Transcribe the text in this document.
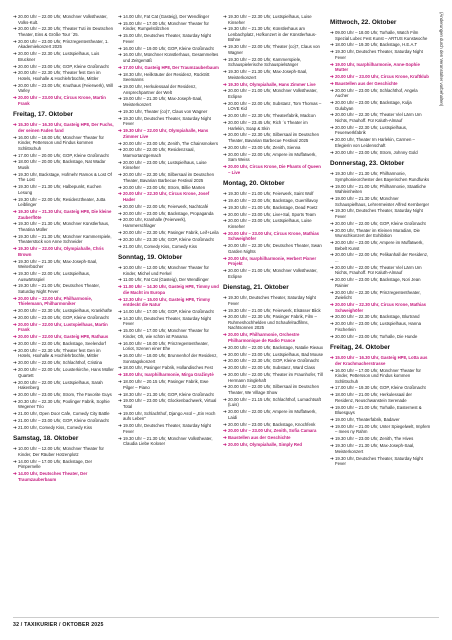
➔ 20.00 Uhr – 22.00 Uhr, Münchner Volkstheater, Volks-Kult.
➔ 20.00 Uhr – 22.30 Uhr, Theater Tuti im Deutschen Theater, Eins & Größe Tour ´25.
➔ 20.00 Uhr – 23.00 Uhr, Prinzregententheater, 1. Akademiekonzert 2025
➔ 20.00 Uhr – 22.30 Uhr, Lustspielhaus, Luis Bruckner
➔ 20.00 Uhr – 23.00 Uhr, GOP, Kleine Großmacht
➔ 20.00 Uhr – 22.30 Uhr, Theater fest Gen im Hotels, Hoxhalle & Hochlehrbüchle, Mittler
➔ 20.00 Uhr – 23.00 Uhr, Knuthaus (Feierwerk), Will Varley
➔ 20.00 Uhr – 23.00 Uhr, Circus Krone, Martin Frank
Freitag, 17. Oktober
➔ 15.30 Uhr – 16.30 Uhr, Gasteig HP8, Der Fuchs, der seinen Faden fand
➔ 16.00 Uhr – 18.00 Uhr, Münchner Theater für Kinder, Pettersson und Findus kommen Schlittschuh
➔ 17.00 Uhr – 20.00 Uhr, GOP, Kleine Großmacht
➔ 18.00 Uhr – 20.00 Uhr, Backstage, Nat Wadar Musik
➔ 19.30 Uhr, Backstage, Hofmehr Ramos & Lost Of The Lost
➔ 19.30 Uhr – 21.30 Uhr, Halbepunkt, Kuchen Lesung
➔ 19.30 Uhr – 22.00 Uhr, Residenztheater, Jutta Leiblinger
➔ 19.30 Uhr – 21.30 Uhr, Gasteig HP8, Die kleine Zauberflöte
➔ 19.30 Uhr – 21.30 Uhr, Münchner Künstlerhaus, Theatina Müller
➔ 19.30 Uhr – 21.30 Uhr, Münchner Kammerspiele, Theaterstück von Anne Schneider
➔ 19.30 Uhr – 22.00 Uhr, Olympiahalle, Chris Brown
➔ 19.30 Uhr – 21.30 Uhr, Max-Joseph-Saal, Weiterbücher
➔ 19.30 Uhr – 22.00 Uhr, Lustspielhaus, Auswärtsspiel
➔ 19.30 Uhr – 21.00 Uhr, Deutsches Theater, Saturday Night Fever
➔ 20.00 Uhr – 22.00 Uhr, Philharmonie, Thielemann, Philharmoniker
➔ 20.00 Uhr – 22.30 Uhr, Lustspielhaus, Krankhafte
➔ 20.00 Uhr – 23.00 Uhr, GOP, Kleine Großmacht
➔ 20.00 Uhr – 22.00 Uhr, Lustspielhaus, Martin Frank
➔ 20.00 Uhr – 22.00 Uhr, Gasteig HP8, Rathaus
➔ 20.00 Uhr – 22.00 Uhr, Backstage, Seelendorf
➔ 20.00 Uhr – 22.30 Uhr, Theater fest Gen im Hotels, Hoxhalle & Hochlehrbüchle, Mittler
➔ 20.00 Uhr – 22.00 Uhr, Schlachthof, Cristina
➔ 20.00 Uhr – 22.00 Uhr, Lousterkirche, Hans Müller Quartett
➔ 20.00 Uhr – 22.00 Uhr, Lustspielhaus, Sarah Hakenberg
➔ 20.00 Uhr – 23.00 Uhr, Strom, The Favorite Guys
➔ 20.30 Uhr – 22.30 Uhr, Poolinger Fabrik, Sophie Wegener Trio
➔ 21.00 Uhr, Open Door Cafe, Comedy City Battle
➔ 21.00 Uhr – 23.00 Uhr, GOP, Kleine Großmacht
➔ 21.00 Uhr, Comedy Kiss, Comedy Kiss
Samstag, 18. Oktober
➔ 10.00 Uhr – 12.00 Uhr, Münchner Theater für Kinder, Der Räuber Hotzenplotz
➔ 14.00 Uhr – 17.00 Uhr, Backstage, Der Pimpernelle
➔ 14.00 Uhr, Deutsches Theater, Der Traumzauberbaum
➔ 14.00 Uhr, Fat Cat (Gasteig), Der Wendlinger
➔ 15.00 Uhr – 17.00 Uhr, Münchner Theater für Kinder, Rumpelstilzchen
➔ 15.00 Uhr, Deutsches Theater, Saturday Night Fever
➔ 16.00 Uhr – 19.00 Uhr, GOP, Kleine Großmacht
➔ 16.00 Uhr, Münchner Künstlerhaus, Gesammeltes und Zeitgemäß
➔ 17.00 Uhr, Gasteig HP8, Der Traumzauberbaum
➔ 18.30 Uhr, Heilkräuter der Residenz, Rücktritt Seemanns
➔ 19.00 Uhr, Herkulessaal der Residenz, Ansprechpartner der Welt
➔ 19.00 Uhr – 21.30 Uhr, Max-Joseph-Saal, Meisterkonzert
➔ 19.30 Uhr, Theater (co)7, Claus von Wagner
➔ 19.30 Uhr, Deutsches Theater, Saturday Night Fever
➔ 19.30 Uhr – 22.00 Uhr, Olympiahalle, Hans Zimmer Live
➔ 20.00 Uhr – 23.00 Uhr, Zenith, The Chainsmokers
➔ 20.00 Uhr – 22.00 Uhr, Residenzsaal, Marmortanzgemach
➔ 20.00 Uhr – 23.00 Uhr, Lustspielhaus, Luise Kinseher
➔ 20.00 Uhr – 22.30 Uhr, Silbersaal im Deutschen Theater, Bavarian Barbecue Festival 2025
➔ 20.00 Uhr – 23.00 Uhr, Strom, Billie Marten
➔ 20.00 Uhr – 22.30 Uhr, Circus Krone, Josef Hader
➔ 20.00 Uhr – 22.00 Uhr, Feierwerk, Nachtcafé
➔ 20.00 Uhr – 23.00 Uhr, Backstage, Propaganda
➔ 20.00 Uhr, Kranhalle (Feierwerk), Hammerschlager
➔ 20.00 Uhr – 22.30 Uhr, Pasinger Fabrik, Leif+Leila
➔ 20.30 Uhr – 23.30 Uhr, GOP, Kleine Großmacht
➔ 21.00 Uhr, Comedy Kiss, Comedy Kiss
Sonntag, 19. Oktober
➔ 10.00 Uhr – 12.00 Uhr, Münchner Theater für Kinder, Michel und Ferkel
➔ 11.00 Uhr, Fat Cat (Gasteig), Der Wendlinger
➔ 11.00 Uhr – 14.30 Uhr, Gasteig HP8, Timmy und die Macht im Europa
➔ 12.30 Uhr – 15.00 Uhr, Gasteig HP8, Timmy entdeckt die Natur
➔ 14.00 Uhr – 17.00 Uhr, GOP, Kleine Großmacht
➔ 14.30 Uhr, Deutsches Theater, Saturday Night Fever
➔ 15.00 Uhr – 17.00 Uhr, Münchner Theater für Kinder, Oh, wie schön ist Panama
➔ 16.00 Uhr – 18.00 Uhr, Prinzregententheater, Loriot, Szenen einer Ehe
➔ 16.00 Uhr – 18.00 Uhr, Brunnenhof der Residenz, Sonntagskonzert
➔ 18.00 Uhr, Pasinger Fabrik, Hollandisches Fest
➔ 18.00 Uhr, Isarphilharmonie, Mirga Gražinytė
➔ 18.00 Uhr – 20.15 Uhr, Pasinger Fabrik, Ewe Pilger – Piano
➔ 18.30 Uhr – 21.30 Uhr, GOP, Kleine Großmacht
➔ 19.00 Uhr – 23.00 Uhr, Glockenbachwerk, Virtual Total
➔ 19.00 Uhr, Schlachthof, Django Asül – „Ein Hoch aufs Leben“
➔ 19.00 Uhr, Deutsches Theater, Saturday Night Fever
➔ 19.30 Uhr – 21.30 Uhr, Münchner Volkstheater, Claudia Liebe Koloser
➔ 19.30 Uhr – 22.30 Uhr, Lustspielhaus, Luise Kinseher
➔ 19.30 Uhr – 21.30 Uhr, Künstlerhaus am Lenbachplatz, Hofkonzert in der Künstlerhaus-Bühne
➔ 19.30 Uhr – 22.00 Uhr, Theater (co)7, Claus von Wagner
➔ 19.30 Uhr – 22.00 Uhr, Kammerspiele, Schauspielerische Schauspielsänger
➔ 19.30 Uhr – 21.30 Uhr, Max-Joseph-Saal, Meisterkonzert
➔ 19.30 Uhr, Olympiahalle, Hans Zimmer Live
➔ 20.00 Uhr – 21.00 Uhr, Münchner Volkstheater, Eclipse
➔ 20.00 Uhr – 22.00 Uhr, Substanz, Tom Thomas – LOVE Kid
➔ 20.00 Uhr – 22.30 Uhr, Theaterfabrik, Madcon
➔ 20.00 Uhr – 23.45 Uhr, Rich ´s Theater im Harlekin, Soap & Skin
➔ 20.00 Uhr – 22.30 Uhr, Silbersaal im Deutschen Theater, Bavarian Barbecue Festival 2025
➔ 20.00 Uhr – 23.00 Uhr, Zenith, Sienna
➔ 20.00 Uhr – 22.00 Uhr, Ampere im Muffatwerk, Sam Weiss
➔ 20.00 Uhr, Circus Krone, Die Phants of Queen – Live
Montag, 20. Oktober
➔ 19.30 Uhr – 21.00 Uhr, Feierwerk, Saint Wolf
➔ 19.40 Uhr – 22.00 Uhr, Backstage, Guerrillavoy
➔ 19.30 Uhr – 21.00 Uhr, Backstage, Dead Poetz
➔ 20.00 Uhr – 23.00 Uhr, Live+Sal, Sports Team
➔ 20.00 Uhr – 23.00 Uhr, Lustspielhaus, Luise Kinseher
➔ 20.00 Uhr – 23.00 Uhr, Circus Krone, Mathias Schweighöfer
➔ 20.00 Uhr – 22.30 Uhr, Deutsches Theater, Swan Garden Nights
➔ 20.00 Uhr, Isarphilharmonie, Herbert Pixner Projekt
➔ 20.00 Uhr – 21.00 Uhr, Münchner Volkstheater, Eclipse
Dienstag, 21. Oktober
➔ 19.30 Uhr, Deutsches Theater, Saturday Night Fever
➔ 19.30 Uhr – 21.00 Uhr, Feierwerk, Elsässer Blick
➔ 20.00 Uhr – 22.30 Uhr, Pasinger Fabrik, Film – Ruhmeshochhelden und Schaufelradfilms, Nachtsonnen 2025
➔ 20.00 Uhr, Philharmonie, Orchestre Philharmonique de Radio France
➔ 20.00 Uhr – 22.00 Uhr, Backstage, Natalie Rieaux
➔ 20.00 Uhr – 23.00 Uhr, Lustspielhaus, Bad Mouse
➔ 20.00 Uhr – 22.30 Uhr, GOP, Kleine Großmacht
➔ 20.00 Uhr – 22.00 Uhr, Substanz, Ward Class
➔ 20.00 Uhr – 22.00 Uhr, Theater im Fraunhofer, Till Hermann Singlehaft
➔ 20.00 Uhr – 22.00 Uhr, Silbersaal im Deutschen Theater, We Village Show
➔ 20.00 Uhr – 21.15 Uhr, Schlachthof, Lumachtsaft (Luis)
➔ 20.00 Uhr – 22.00 Uhr, Ampere im Muffatwerk, Laidi
➔ 20.00 Uhr – 23.00 Uhr, Backstage, Knochfenk
➔ 20.00 Uhr – 23.00 Uhr, Zenith, Sofia Camara
➔ Baustellen aus der Geschichte
➔ 20.00 Uhr, Olympiahalle, Simply Red
Mittwoch, 22. Oktober
➔ 09.00 Uhr – 18.00 Uhr, Torhalle, Watch Film Spezial Lubec Fest Kunst – ARTUS Kunstwoche
➔ 18.00 Uhr – 19.30 Uhr, Backstage, H.E.A.T
➔ 19.30 Uhr, Deutsches Theater, Saturday Night Fever
➔ 19.00 Uhr, Isarphilharmonie, Anne-Sophie Mutter
➔ 20.00 Uhr – 23.00 Uhr, Circus Krone, Kraftklub
➔ Baustellen aus der Geschichte
➔ 20.00 Uhr – 23.00 Uhr, Schlachthof, Angela Aucher
➔ 20.00 Uhr – 23.00 Uhr, Backstage, Kulja Gulubyan
➔ 20.00 Uhr – 22.30 Uhr, Theater Viel Lärm Um Nichts, Frauhoff. Für Kaluth-Almauf
➔ 20.00 Uhr – 22.30 Uhr, Lustspielhaus, Feuerwerkfabrik
➔ 20.00 Uhr, Theater Im Harlekin, Carmen – Elegierin von Leidenschaft
➔ 20.00 Uhr – 23.00 Uhr, Strom, Johnny Gold
Donnerstag, 23. Oktober
➔ 19.30 Uhr – 21.30 Uhr, Philharmonie, Symphonieorchester des Bayerischen Rundfunks
➔ 19.00 Uhr – 21.00 Uhr, Philharmonie, Staatliche Wahleinheiten
➔ 19.00 Uhr – 21.30 Uhr, Münchner Schauspielhaus, Lehrermeister Alfred Kernberger
➔ 19.30 Uhr, Deutsches Theater, Saturday Night Fever
➔ 20.00 Uhr – 22.00 Uhr, GOP, Kleine Großmacht
➔ 20.00 Uhr, Theater im Kleinen Muradian, Die Wunschkonzert der Exhibition
➔ 20.00 Uhr – 23.00 Uhr, Ampere im Muffatwerk, Bebelt Kunst
➔ 20.00 Uhr – 22.00 Uhr, Pelikanhall der Residenz, ...
➔ 20.00 Uhr – 22.00 Uhr, Theater Viel Lärm Um Nichts, Frauhoff. Für Kaluth-Almauf
➔ 20.00 Uhr – 23.00 Uhr, Backstage, Nori Jean Rainier
➔ 20.00 Uhr – 22.30 Uhr, Prinzregententheater, Zwielicht
➔ 20.00 Uhr – 22.30 Uhr, Circus Krone, Mathias Schweighöfer
➔ 20.00 Uhr – 22.30 Uhr, Backstage, Blurtrand
➔ 20.00 Uhr – 23.00 Uhr, Lustspielhaus, Hanna Fischerlein
➔ 20.00 Uhr – 23.00 Uhr, Torhalle, Die Hunde
Freitag, 24. Oktober
➔ 15.00 Uhr – 16.30 Uhr, Gasteig HP8, Lotta aus der Krachmacherstrasse
➔ 16.00 Uhr – 17.00 Uhr, Münchner Theater für Kinder, Pettersson und Findus kommen Schlittschuh
➔ 17.00 Uhr – 19.30 Uhr, GOP, Kleine Großmacht
➔ 18.00 Uhr – 21.00 Uhr, Herkulessaal der Residenz, Neuschwanstein Serenade
➔ 19.00 Uhr – 21.00 Uhr, Torhalle, Easternest & Bluesguys
➔ 19.00 Uhr, Theaterfabrik, Badaver
➔ 19.00 Uhr – 21.00 Uhr, Unter Spiegelwelt, Impfern – mees ny Rahm
➔ 19.30 Uhr – 23.00 Uhr, Zenith, The Hives
➔ 19.30 Uhr – 21.30 Uhr, Max-Joseph-Saal, Meisterkonzert
➔ 19.30 Uhr, Deutsches Theater, Saturday Night Fever
(Änderungen durch den Veranstalter vorbehalten)
32 / TAXIKURIER / OKTOBER 2025
